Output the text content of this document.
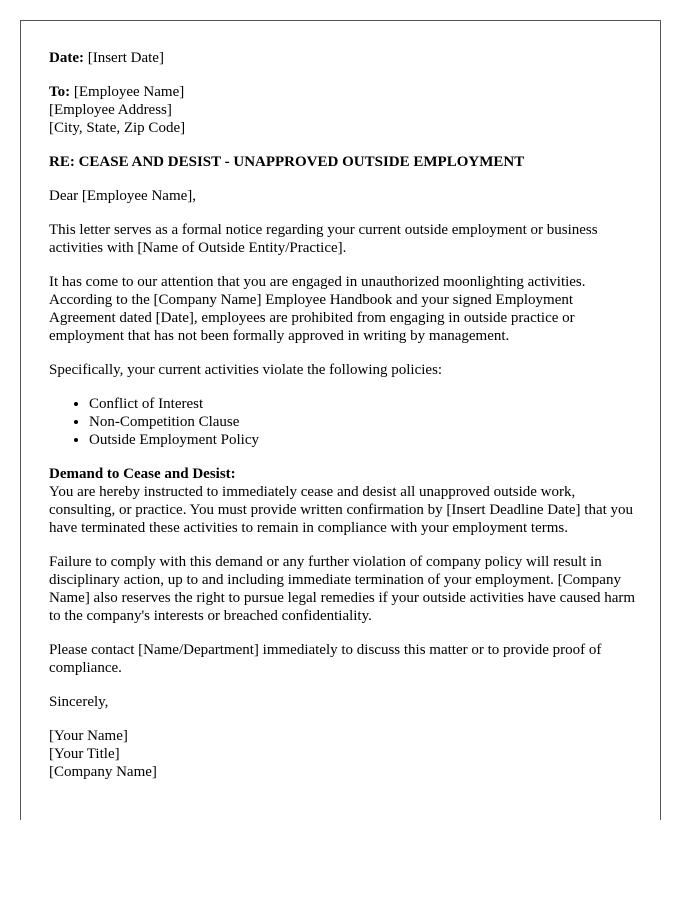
Date: [Insert Date]

To: [Employee Name]

[Employee Address]

[City, State, Zip Code]

RE: CEASE AND DESIST - UNAPPROVED OUTSIDE EMPLOYMENT

Dear [Employee Name],

This letter serves as a formal notice regarding your current outside employment or business activities with [Name of Outside Entity/Practice].

It has come to our attention that you are engaged in unauthorized moonlighting activities. According to the [Company Name] Employee Handbook and your signed Employment Agreement dated [Date], employees are prohibited from engaging in outside practice or employment that has not been formally approved in writing by management.

Specifically, your current activities violate the following policies:

• Conflict of Interest
• Non-Competition Clause
• Outside Employment Policy

Demand to Cease and Desist:

You are hereby instructed to immediately cease and desist all unapproved outside work, consulting, or practice. You must provide written confirmation by [Insert Deadline Date] that you have terminated these activities to remain in compliance with your employment terms.

Failure to comply with this demand or any further violation of company policy will result in disciplinary action, up to and including immediate termination of your employment. [Company Name] also reserves the right to pursue legal remedies if your outside activities have caused harm to the company's interests or breached confidentiality.

Please contact [Name/Department] immediately to discuss this matter or to provide proof of compliance.

Sincerely,

[Your Name]

[Your Title]

[Company Name]
